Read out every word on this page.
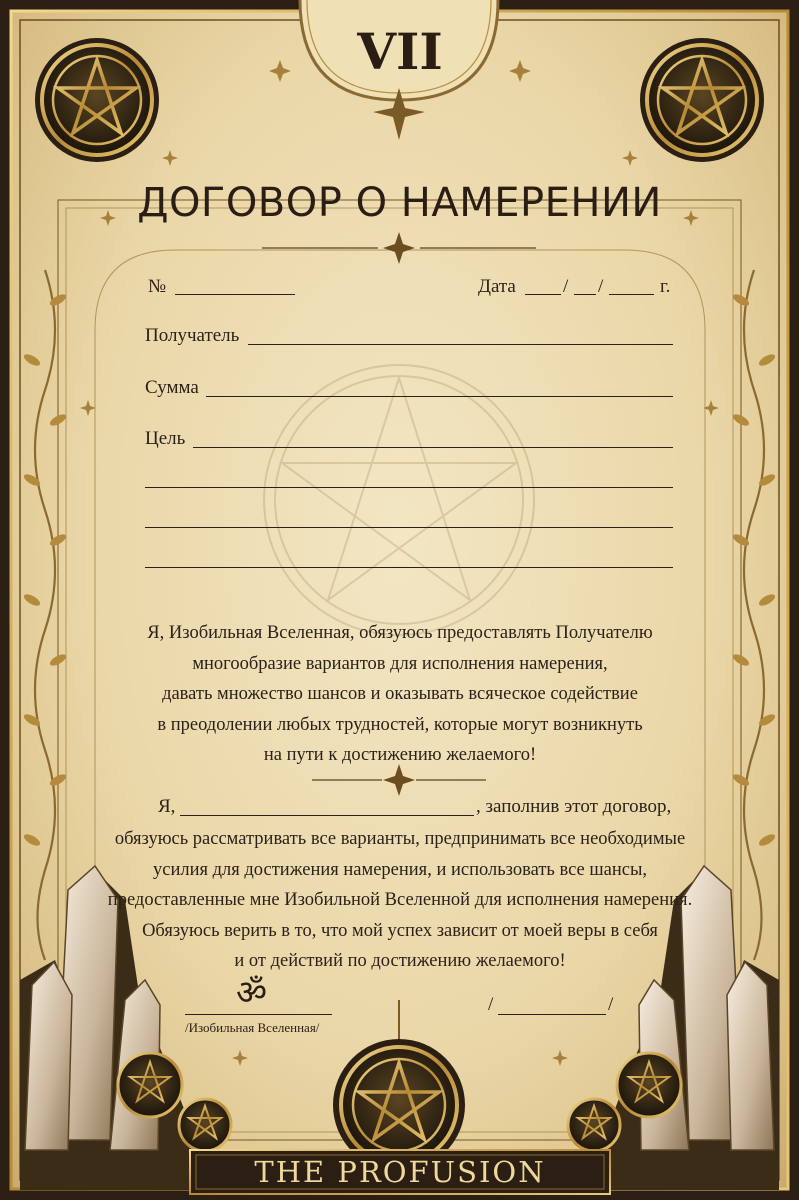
VII
ДОГОВОР О НАМЕРЕНИИ
№	Дата / /	г.
Получатель
Сумма
Цель
Я, Изобильная Вселенная, обязуюсь предоставлять Получателю
многообразие вариантов для исполнения намерения,
давать множество шансов и оказывать всяческое содействие
в преодолении любых трудностей, которые могут возникнуть
на пути к достижению желаемого!
Я,	, заполнив этот договор,
обязуюсь рассматривать все варианты, предпринимать все необходимые
усилия для достижения намерения, и использовать все шансы,
предоставленные мне Изобильной Вселенной для исполнения намерения.
Обязуюсь верить в то, что мой успех зависит от моей веры в себя
и от действий по достижению желаемого!
ॐ
/Изобильная Вселенная/
/	/
THE PROFUSION
